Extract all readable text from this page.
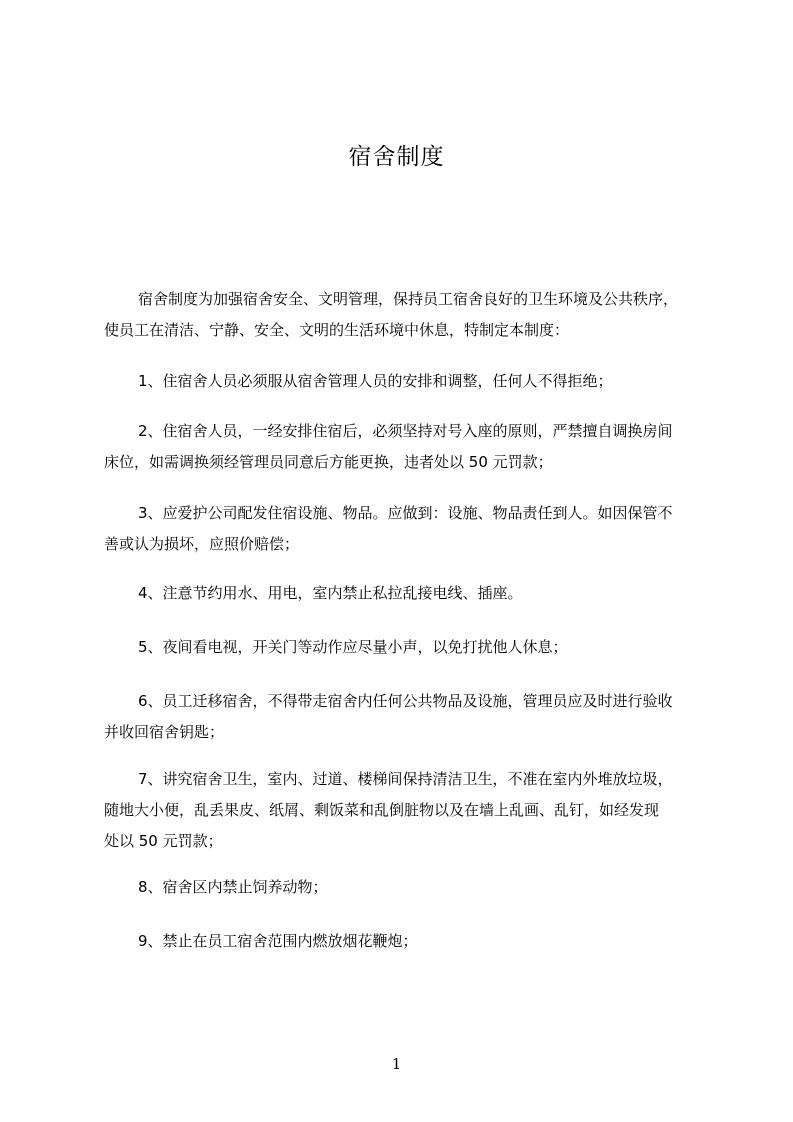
宿舍制度
宿舍制度为加强宿舍安全、文明管理，保持员工宿舍良好的卫生环境及公共秩序，
使员工在清洁、宁静、安全、文明的生活环境中休息，特制定本制度：
1、住宿舍人员必须服从宿舍管理人员的安排和调整，任何人不得拒绝；
2、住宿舍人员，一经安排住宿后，必须坚持对号入座的原则，严禁擅自调换房间
床位，如需调换须经管理员同意后方能更换，违者处以 50 元罚款；
3、应爱护公司配发住宿设施、物品。应做到：设施、物品责任到人。如因保管不
善或认为损坏，应照价赔偿；
4、注意节约用水、用电，室内禁止私拉乱接电线、插座。
5、夜间看电视，开关门等动作应尽量小声，以免打扰他人休息；
6、员工迁移宿舍，不得带走宿舍内任何公共物品及设施，管理员应及时进行验收
并收回宿舍钥匙；
7、讲究宿舍卫生，室内、过道、楼梯间保持清洁卫生，不准在室内外堆放垃圾，
随地大小便，乱丢果皮、纸屑、剩饭菜和乱倒脏物以及在墙上乱画、乱钉，如经发现
处以 50 元罚款；
8、宿舍区内禁止饲养动物；
9、禁止在员工宿舍范围内燃放烟花鞭炮；
1
